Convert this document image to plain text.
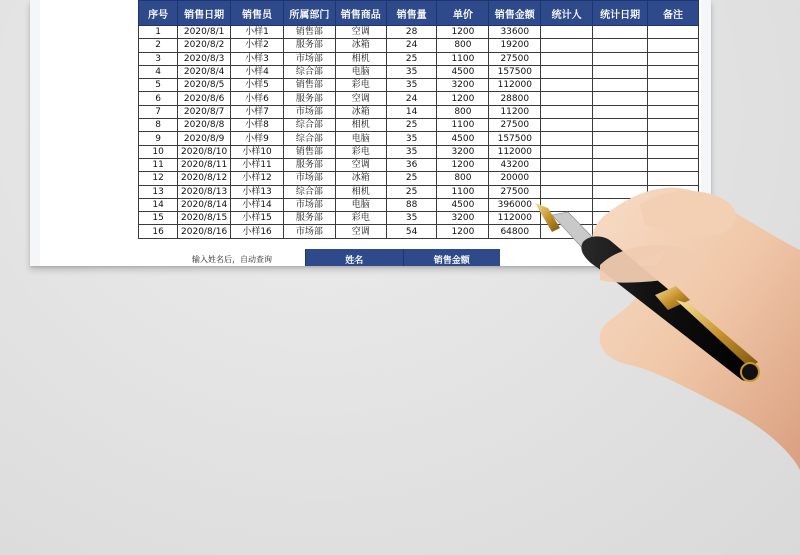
序号	销售日期	销售员	所属部门	销售商品	销售量	单价	销售金额	统计人	统计日期	备注
1	2020/8/1	小样1	销售部	空调	28	1200	33600			
2	2020/8/2	小样2	服务部	冰箱	24	800	19200			
3	2020/8/3	小样3	市场部	相机	25	1100	27500			
4	2020/8/4	小样4	综合部	电脑	35	4500	157500			
5	2020/8/5	小样5	销售部	彩电	35	3200	112000			
6	2020/8/6	小样6	服务部	空调	24	1200	28800			
7	2020/8/7	小样7	市场部	冰箱	14	800	11200			
8	2020/8/8	小样8	综合部	相机	25	1100	27500			
9	2020/8/9	小样9	综合部	电脑	35	4500	157500			
10	2020/8/10	小样10	销售部	彩电	35	3200	112000			
11	2020/8/11	小样11	服务部	空调	36	1200	43200			
12	2020/8/12	小样12	市场部	冰箱	25	800	20000			
13	2020/8/13	小样13	综合部	相机	25	1100	27500			
14	2020/8/14	小样14	市场部	电脑	88	4500	396000			
15	2020/8/15	小样15	服务部	彩电	35	3200	112000			
16	2020/8/16	小样16	市场部	空调	54	1200	64800			
输入姓名后，自动查询	姓名	销售金额
